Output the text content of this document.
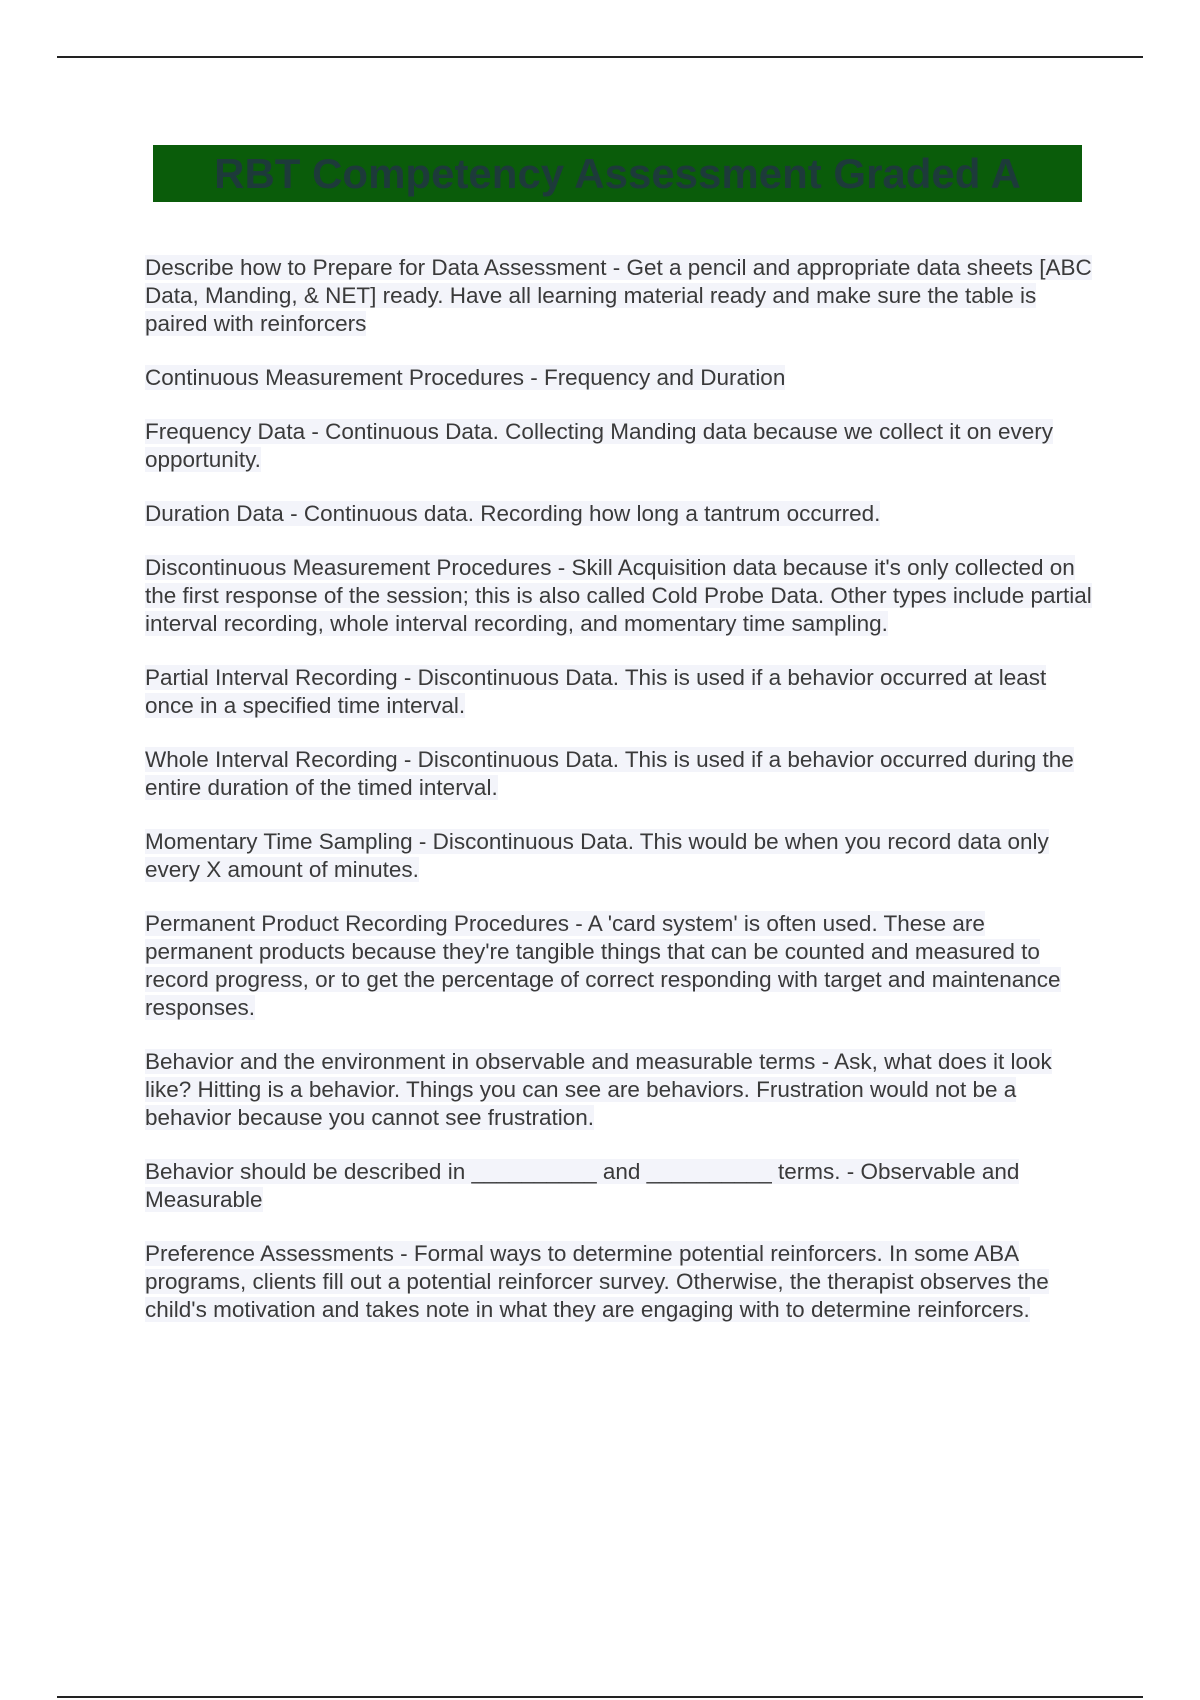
RBT Competency Assessment Graded A

Describe how to Prepare for Data Assessment - Get a pencil and appropriate data sheets [ABC Data, Manding, & NET] ready. Have all learning material ready and make sure the table is paired with reinforcers

Continuous Measurement Procedures - Frequency and Duration

Frequency Data - Continuous Data. Collecting Manding data because we collect it on every opportunity.

Duration Data - Continuous data. Recording how long a tantrum occurred.

Discontinuous Measurement Procedures - Skill Acquisition data because it's only collected on the first response of the session; this is also called Cold Probe Data. Other types include partial interval recording, whole interval recording, and momentary time sampling.

Partial Interval Recording - Discontinuous Data. This is used if a behavior occurred at least once in a specified time interval.

Whole Interval Recording - Discontinuous Data. This is used if a behavior occurred during the entire duration of the timed interval.

Momentary Time Sampling - Discontinuous Data. This would be when you record data only every X amount of minutes.

Permanent Product Recording Procedures - A 'card system' is often used. These are permanent products because they're tangible things that can be counted and measured to record progress, or to get the percentage of correct responding with target and maintenance responses.

Behavior and the environment in observable and measurable terms - Ask, what does it look like? Hitting is a behavior. Things you can see are behaviors. Frustration would not be a behavior because you cannot see frustration.

Behavior should be described in __________ and __________ terms. - Observable and Measurable

Preference Assessments - Formal ways to determine potential reinforcers. In some ABA programs, clients fill out a potential reinforcer survey. Otherwise, the therapist observes the child's motivation and takes note in what they are engaging with to determine reinforcers.
